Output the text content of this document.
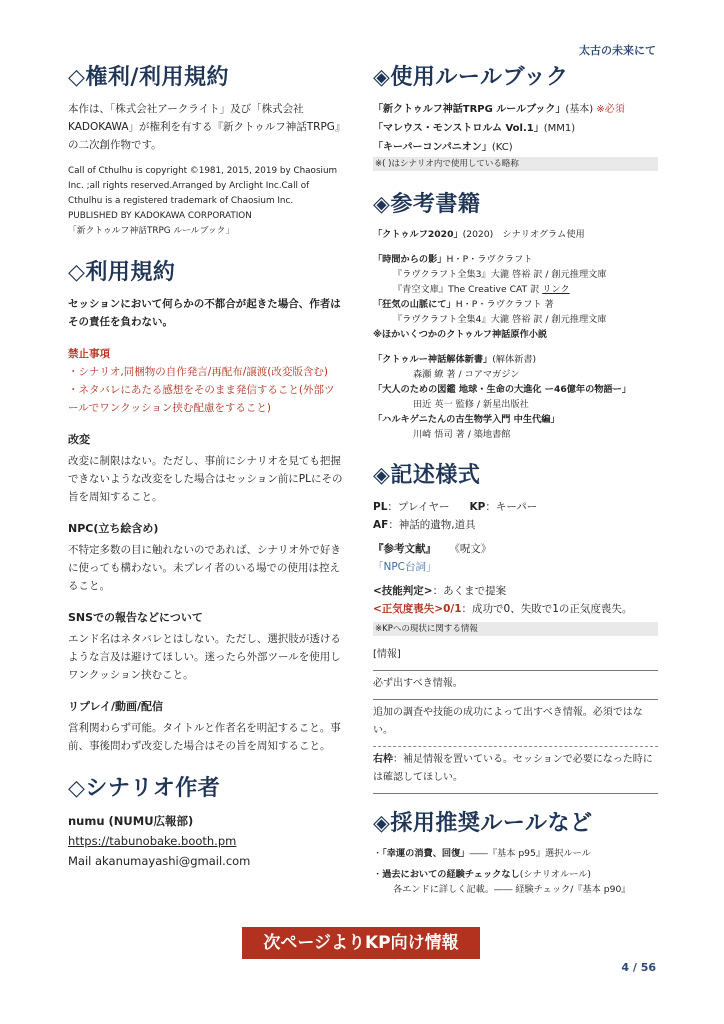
太古の未来にて
◇権利/利用規約

本作は、「株式会社アークライト」及び「株式会社KADOKAWA」が権利を有する『新クトゥルフ神話TRPG』の二次創作物です。

Call of Cthulhu is copyright ©1981, 2015, 2019 by Chaosium Inc. ;all rights reserved.Arranged by Arclight Inc.Call of Cthulhu is a registered trademark of Chaosium Inc.

PUBLISHED BY KADOKAWA CORPORATION

「新クトゥルフ神話TRPG ルールブック」

◇利用規約

セッションにおいて何らかの不都合が起きた場合、作者はその責任を負わない。

禁止事項

・シナリオ,同梱物の自作発言/再配布/譲渡(改変版含む)

・ネタバレにあたる感想をそのまま発信すること(外部ツールでワンクッション挟む配慮をすること)

改変

改変に制限はない。ただし、事前にシナリオを見ても把握できないような改変をした場合はセッション前にPLにその旨を周知すること。

NPC(立ち絵含め)

不特定多数の目に触れないのであれば、シナリオ外で好きに使っても構わない。未プレイ者のいる場での使用は控えること。

SNSでの報告などについて

エンド名はネタバレとはしない。ただし、選択肢が透けるような言及は避けてほしい。迷ったら外部ツールを使用しワンクッション挟むこと。

リプレイ/動画/配信

営利関わらず可能。タイトルと作者名を明記すること。事前、事後問わず改変した場合はその旨を周知すること。

◇シナリオ作者

numu (NUMU広報部)

https://tabunobake.booth.pm

Mail akanumayashi@gmail.com

◈使用ルールブック

「新クトゥルフ神話TRPG ルールブック」(基本) ※必須

「マレウス・モンストロルム Vol.1」(MM1)

「キーパーコンパニオン」(KC)

※( )はシナリオ内で使用している略称

◈参考書籍

「クトゥルフ2020」(2020)　シナリオグラム使用

「時間からの影」H・P・ラヴクラフト

『ラヴクラフト全集3』大瀧 啓裕 訳 / 創元推理文庫

『青空文庫』The Creative CAT 訳 リンク

「狂気の山脈にて」H・P・ラヴクラフト 著

『ラヴクラフト全集4』大瀧 啓裕 訳 / 創元推理文庫

※ほかいくつかのクトゥルフ神話原作小説

「クトゥルー神話解体新書」(解体新書)

森瀬 繚 著 / コアマガジン

「大人のための図鑑 地球・生命の大進化 ー46億年の物語ー」

田近 英一 監修 / 新星出版社

「ハルキゲニたんの古生物学入門 中生代編」

川崎 悟司 著 / 築地書館

◈記述様式

PL：プレイヤー KP：キーパー

AF：神話的遺物,道具

『参考文献』 《呪文》

「NPC台詞」

<技能判定>：あくまで提案

<正気度喪失>0/1：成功で0、失敗で1の正気度喪失。

※KPへの現状に関する情報

[情報]

必ず出すべき情報。

追加の調査や技能の成功によって出すべき情報。必須ではない。

右枠：補足情報を置いている。セッションで必要になった時には確認してほしい。

◈採用推奨ルールなど

・「幸運の消費、回復」――『基本 p95』選択ルール

・過去においての経験チェックなし(シナリオルール)

各エンドに詳しく記載。―― 経験チェック/『基本 p90』

次ページよりKP向け情報
4 / 56
